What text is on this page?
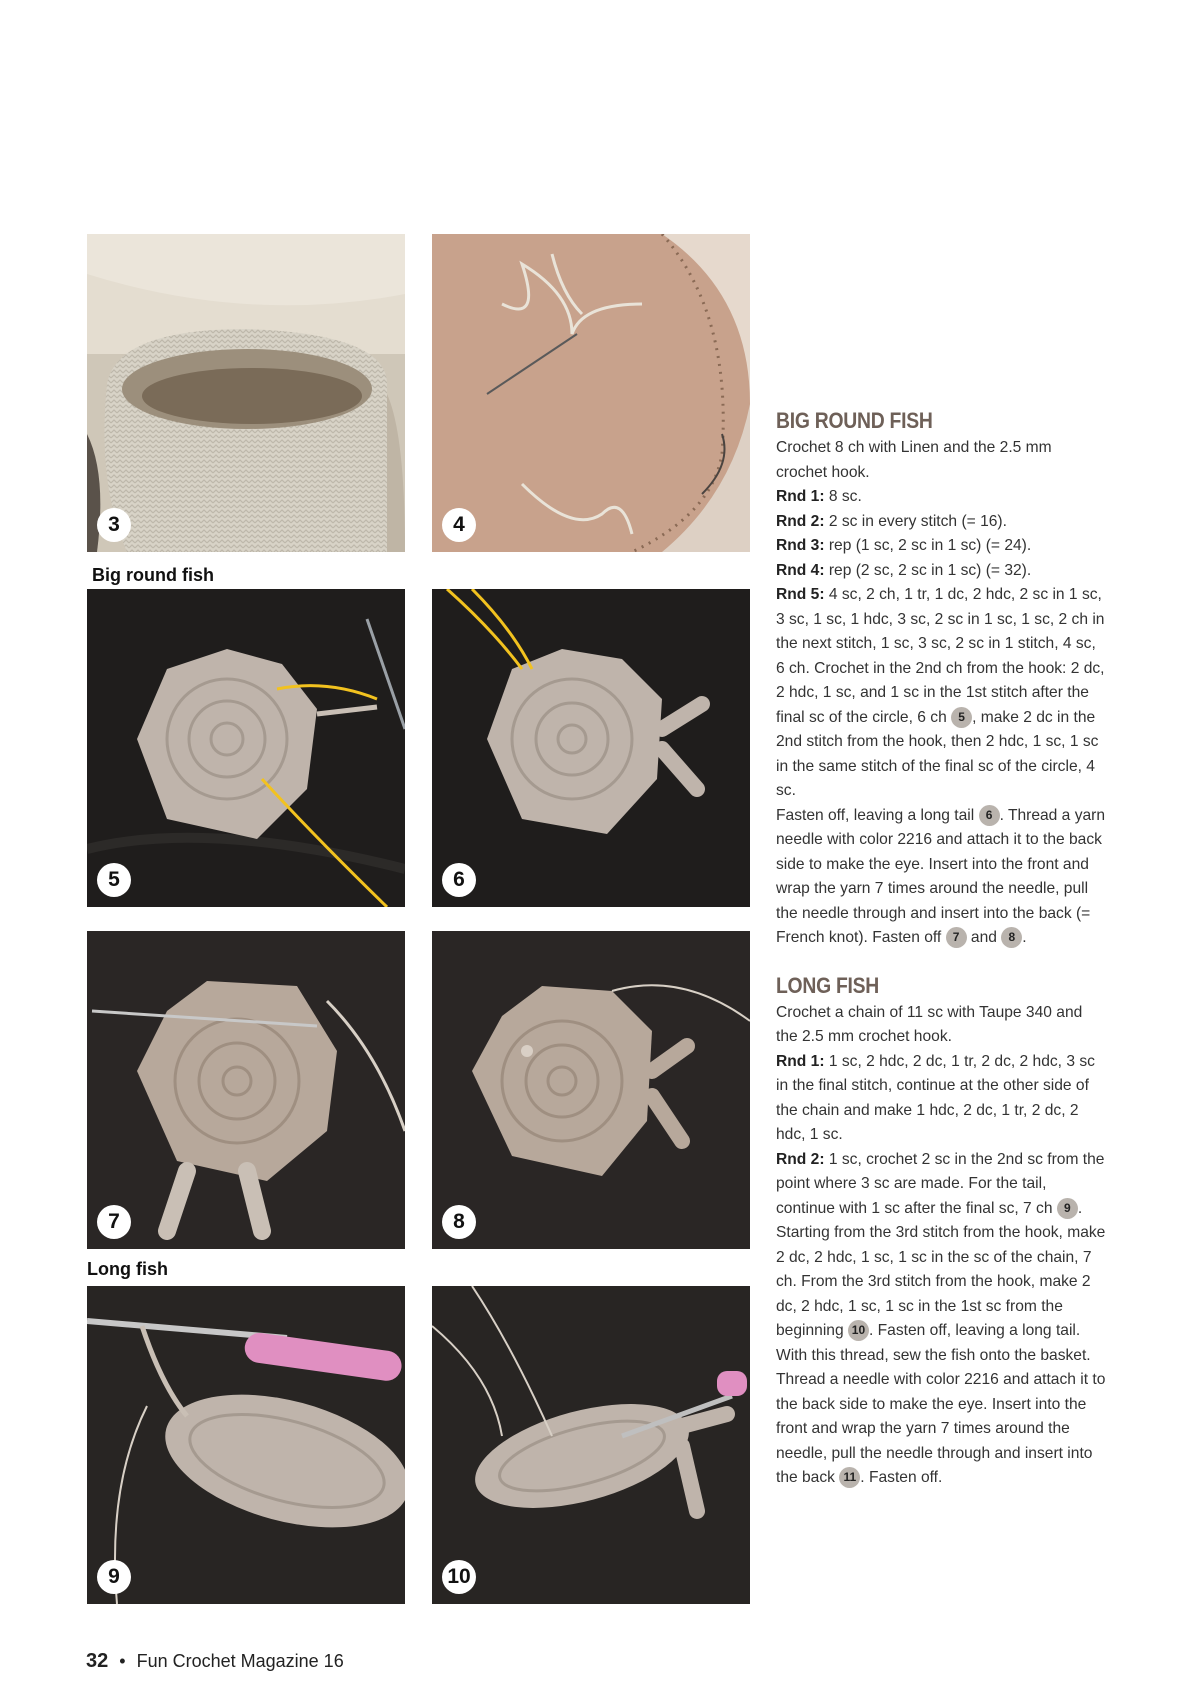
3	4
Big round fish
5	6
7	8
Long fish
9	10
BIG ROUND FISH

Crochet 8 ch with Linen and the 2.5 mm crochet hook.

Rnd 1: 8 sc.

Rnd 2: 2 sc in every stitch (= 16).

Rnd 3: rep (1 sc, 2 sc in 1 sc) (= 24).

Rnd 4: rep (2 sc, 2 sc in 1 sc) (= 32).

Rnd 5: 4 sc, 2 ch, 1 tr, 1 dc, 2 hdc, 2 sc in 1 sc, 3 sc, 1 sc, 1 hdc, 3 sc, 2 sc in 1 sc, 1 sc, 2 ch in the next stitch, 1 sc, 3 sc, 2 sc in 1 stitch, 4 sc, 6 ch. Crochet in the 2nd ch from the hook: 2 dc, 2 hdc, 1 sc, and 1 sc in the 1st stitch after the final sc of the circle, 6 ch 5 , make 2 dc in the 2nd stitch from the hook, then 2 hdc, 1 sc, 1 sc in the same stitch of the final sc of the circle, 4 sc.

Fasten off, leaving a long tail 6 . Thread a yarn needle with color 2216 and attach it to the back side to make the eye. Insert into the front and wrap the yarn 7 times around the needle, pull the needle through and insert into the back (= French knot). Fasten off 7 and 8 .

LONG FISH

Crochet a chain of 11 sc with Taupe 340 and the 2.5 mm crochet hook.

Rnd 1: 1 sc, 2 hdc, 2 dc, 1 tr, 2 dc, 2 hdc, 3 sc in the final stitch, continue at the other side of the chain and make 1 hdc, 2 dc, 1 tr, 2 dc, 2 hdc, 1 sc.

Rnd 2: 1 sc, crochet 2 sc in the 2nd sc from the point where 3 sc are made. For the tail, continue with 1 sc after the final sc, 7 ch 9 .

Starting from the 3rd stitch from the hook, make 2 dc, 2 hdc, 1 sc, 1 sc in the sc of the chain, 7 ch. From the 3rd stitch from the hook, make 2 dc, 2 hdc, 1 sc, 1 sc in the 1st sc from the beginning 10 . Fasten off, leaving a long tail. With this thread, sew the fish onto the basket. Thread a needle with color 2216 and attach it to the back side to make the eye. Insert into the front and wrap the yarn 7 times around the needle, pull the needle through and insert into the back 11 . Fasten off.

32 • Fun Crochet Magazine 16
